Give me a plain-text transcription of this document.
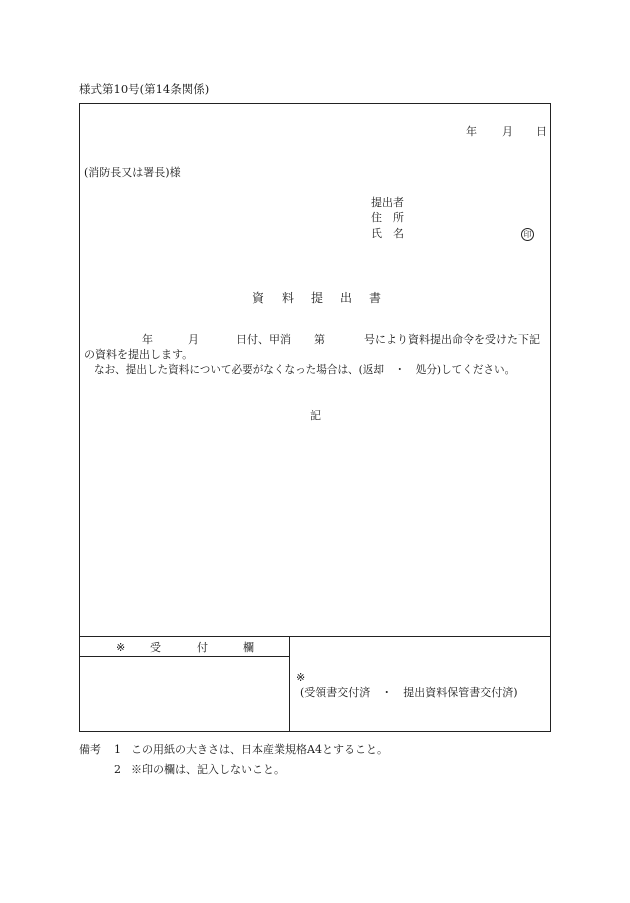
様式第10号(第14条関係)
年 月 日
(消防長又は署長)様
提出者
住　所
氏　名	印
資 料 提 出 書
年	月	日付、甲消 第	号により資料提出命令を受けた下記
の資料を提出します。
なお、提出した資料について必要がなくなった場合は、(返却　・　処分)してください。
記
※ 受	付	欄
※
(受領書交付済　・　提出資料保管書交付済)
備考 1 この用紙の大きさは、日本産業規格A4とすること。
2 ※印の欄は、記入しないこと。
